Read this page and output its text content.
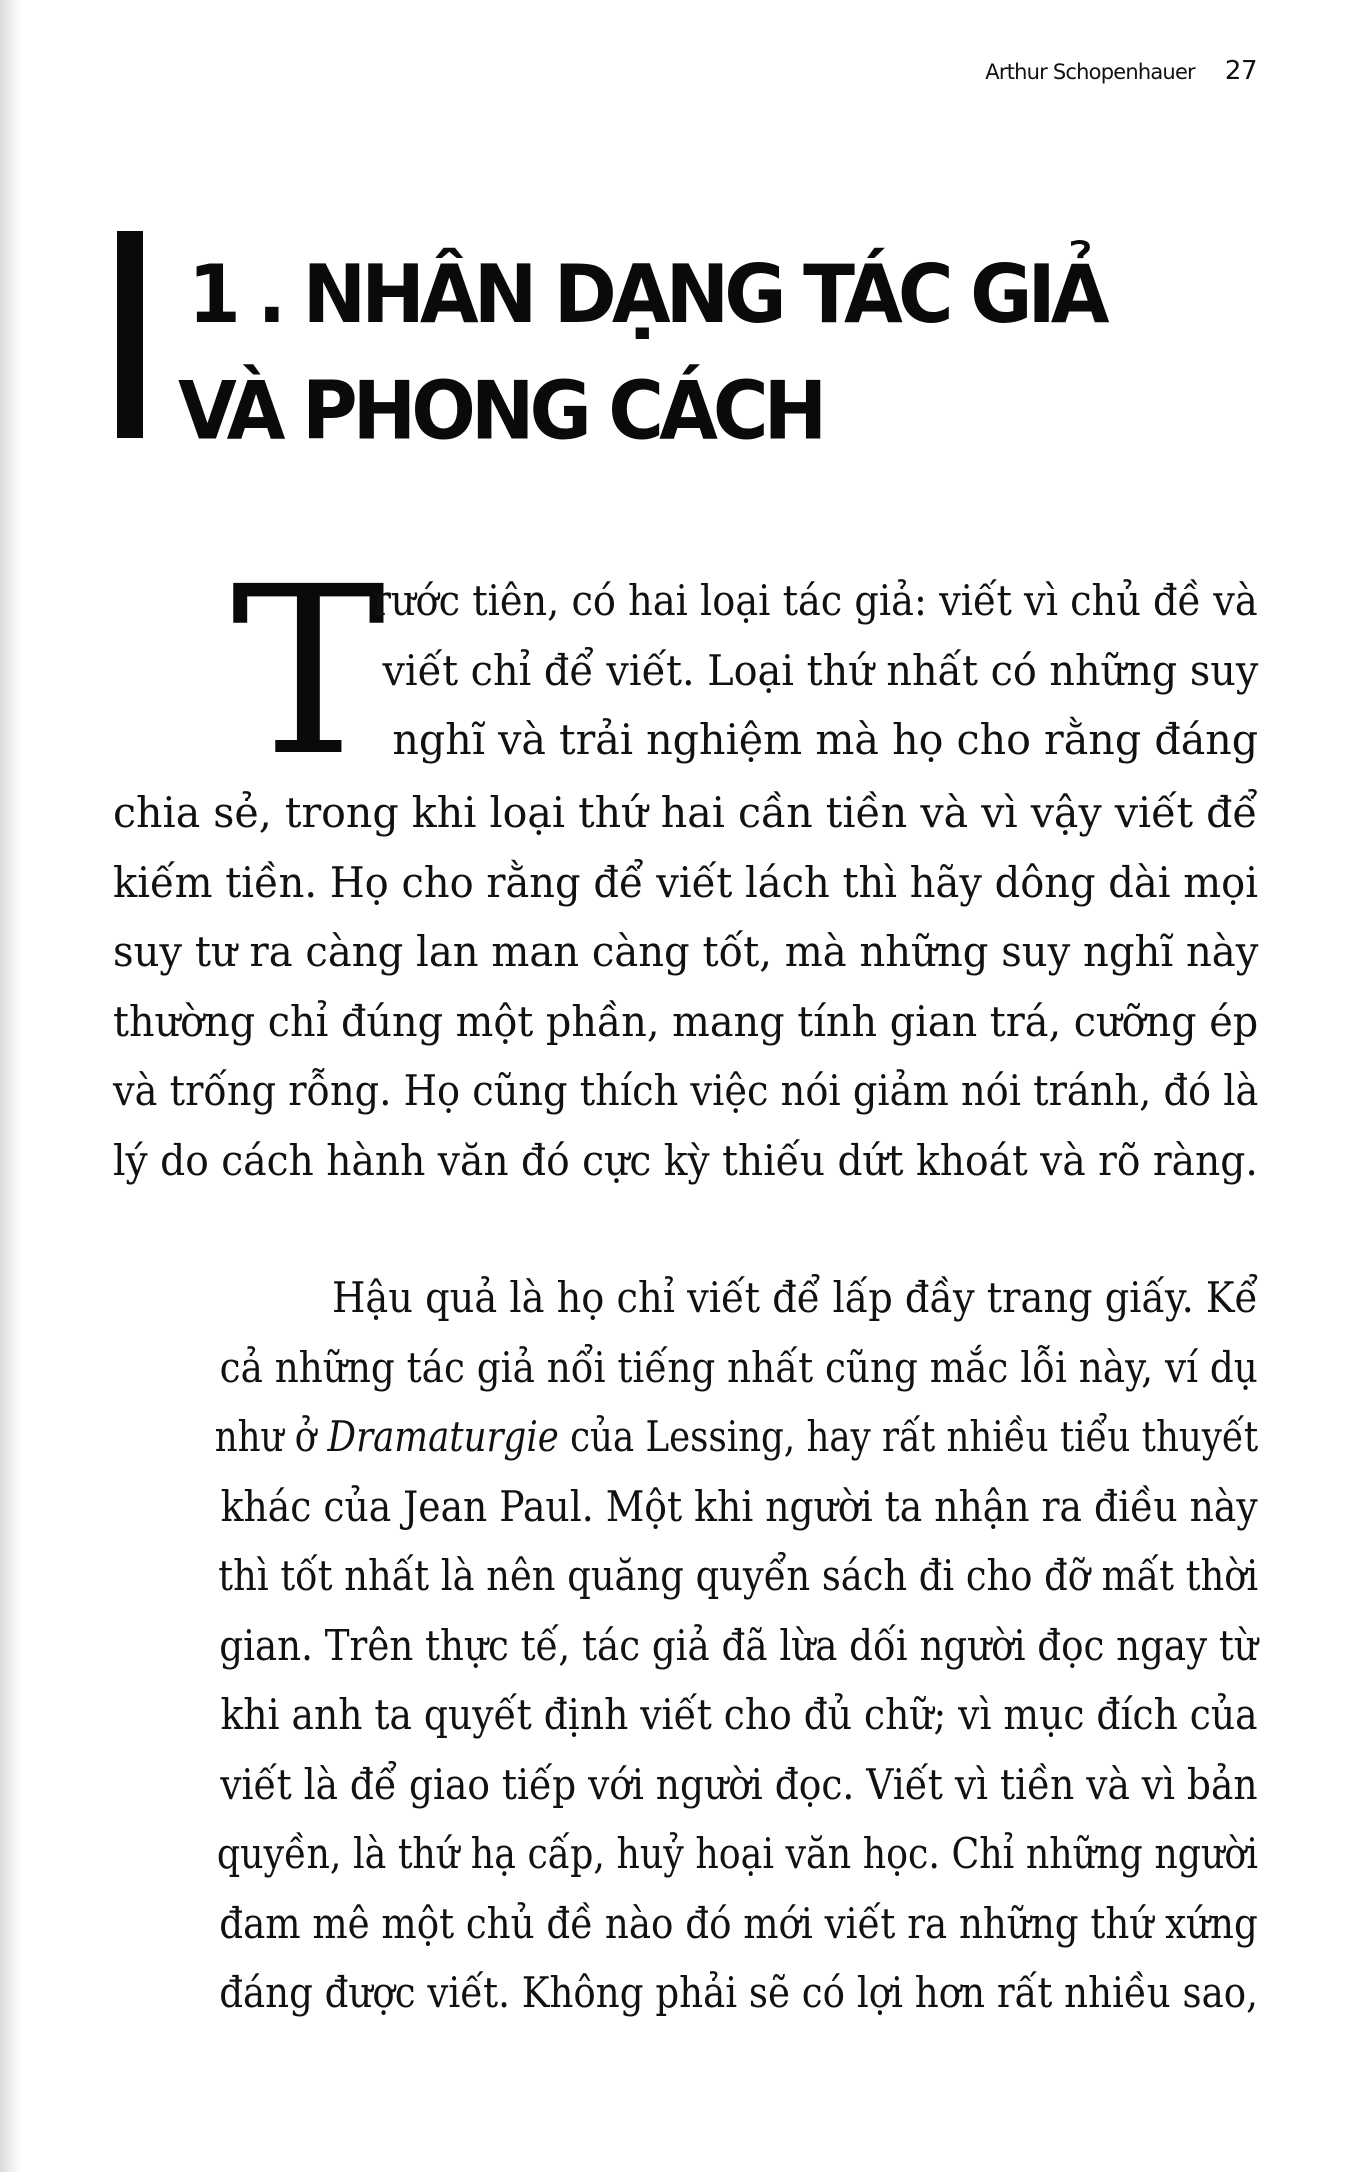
Arthur Schopenhauer 27
1 . NHÂN DẠNG TÁC GIẢ
VÀ PHONG CÁCH
T
rước tiên, có hai loại tác giả: viết vì chủ đề và
viết chỉ để viết. Loại thứ nhất có những suy
nghĩ và trải nghiệm mà họ cho rằng đáng
chia sẻ, trong khi loại thứ hai cần tiền và vì vậy viết để
kiếm tiền. Họ cho rằng để viết lách thì hãy dông dài mọi
suy tư ra càng lan man càng tốt, mà những suy nghĩ này
thường chỉ đúng một phần, mang tính gian trá, cưỡng ép
và trống rỗng. Họ cũng thích việc nói giảm nói tránh, đó là
lý do cách hành văn đó cực kỳ thiếu dứt khoát và rõ ràng.
Hậu quả là họ chỉ viết để lấp đầy trang giấy. Kể
cả những tác giả nổi tiếng nhất cũng mắc lỗi này, ví dụ
như ở Dramaturgie của Lessing, hay rất nhiều tiểu thuyết
khác của Jean Paul. Một khi người ta nhận ra điều này
thì tốt nhất là nên quăng quyển sách đi cho đỡ mất thời
gian. Trên thực tế, tác giả đã lừa dối người đọc ngay từ
khi anh ta quyết định viết cho đủ chữ; vì mục đích của
viết là để giao tiếp với người đọc. Viết vì tiền và vì bản
quyền, là thứ hạ cấp, huỷ hoại văn học. Chỉ những người
đam mê một chủ đề nào đó mới viết ra những thứ xứng
đáng được viết. Không phải sẽ có lợi hơn rất nhiều sao,
